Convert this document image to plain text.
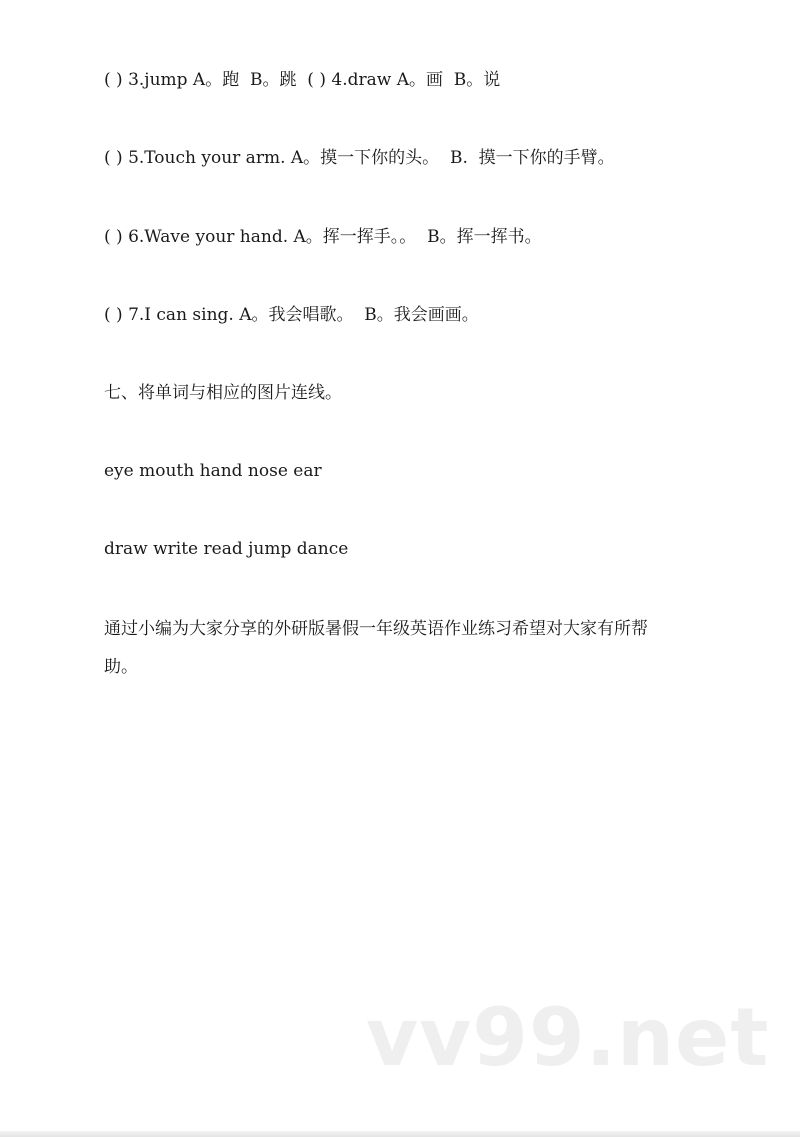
( ) 3.jump A。跑  B。跳  ( ) 4.draw A。画  B。说
( ) 5.Touch your arm. A。摸一下你的头。  B.  摸一下你的手臂。
( ) 6.Wave your hand. A。挥一挥手。。  B。挥一挥书。
( ) 7.I can sing. A。我会唱歌。  B。我会画画。
七、将单词与相应的图片连线。
eye mouth hand nose ear
draw write read jump dance
通过小编为大家分享的外研版暑假一年级英语作业练习希望对大家有所帮
助。
vv99.net
